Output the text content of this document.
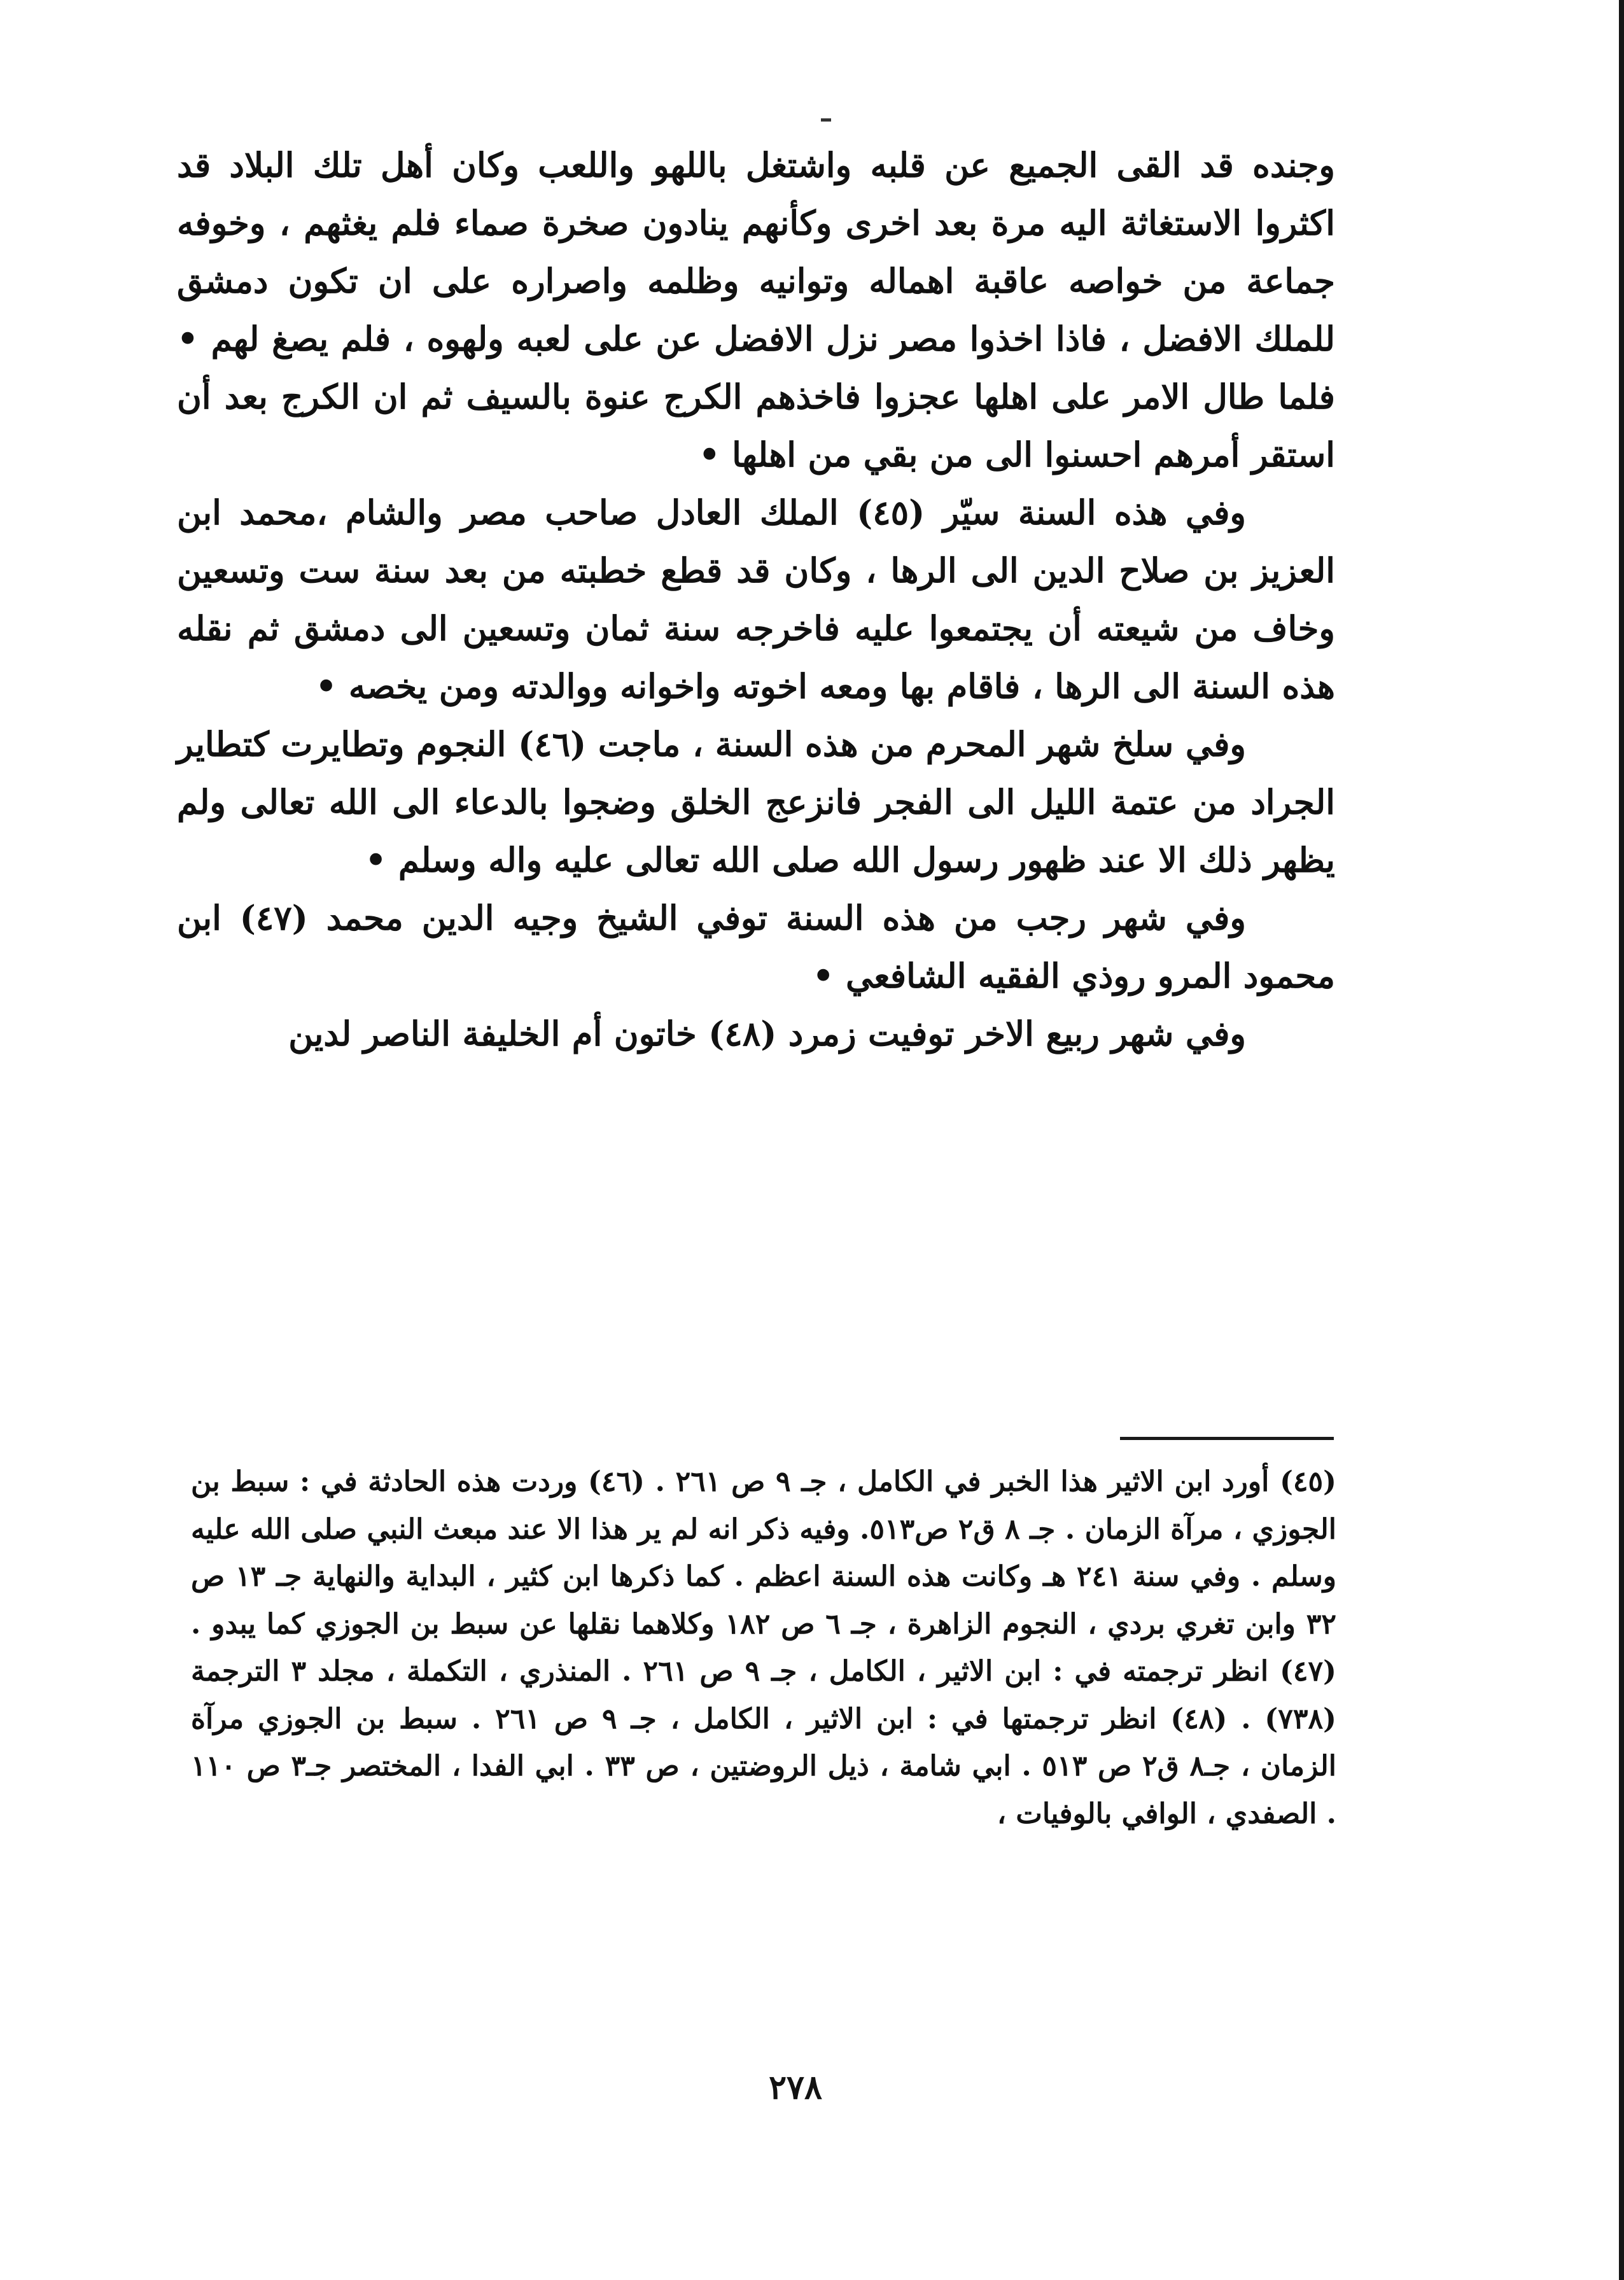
وجنده قد القى الجميع عن قلبه واشتغل باللهو واللعب وكان أهل تلك البلاد قد اكثروا الاستغاثة اليه مرة بعد اخرى وكأنهم ينادون صخرة صماء فلم يغثهم ، وخوفه جماعة من خواصه عاقبة اهماله وتوانيه وظلمه واصراره على ان تكون دمشق للملك الافضل ، فاذا اخذوا مصر نزل الافضل عن على لعبه ولهوه ، فلم يصغ لهم • فلما طال الامر على اهلها عجزوا فاخذهم الكرج عنوة بالسيف ثم ان الكرج بعد أن استقر أمرهم احسنوا الى من بقي من اهلها •

وفي هذه السنة سيّر (٤٥) الملك العادل صاحب مصر والشام ،محمد ابن العزيز بن صلاح الدين الى الرها ، وكان قد قطع خطبته من بعد سنة ست وتسعين وخاف من شيعته أن يجتمعوا عليه فاخرجه سنة ثمان وتسعين الى دمشق ثم نقله هذه السنة الى الرها ، فاقام بها ومعه اخوته واخوانه ووالدته ومن يخصه •

وفي سلخ شهر المحرم من هذه السنة ، ماجت (٤٦) النجوم وتطايرت كتطاير الجراد من عتمة الليل الى الفجر فانزعج الخلق وضجوا بالدعاء الى الله تعالى ولم يظهر ذلك الا عند ظهور رسول الله صلى الله تعالى عليه واله وسلم •

وفي شهر رجب من هذه السنة توفي الشيخ وجيه الدين محمد (٤٧) ابن محمود المرو روذي الفقيه الشافعي •

وفي شهر ربيع الاخر توفيت زمرد (٤٨) خاتون أم الخليفة الناصر لدين

(٤٥) أورد ابن الاثير هذا الخبر في الكامل ، جـ ٩ ص ٢٦١ . (٤٦) وردت هذه الحادثة في : سبط بن الجوزي ، مرآة الزمان . جـ ٨ ق٢ ص٥١٣. وفيه ذكر انه لم ير هذا الا عند مبعث النبي صلى الله عليه وسلم . وفي سنة ٢٤١ هـ وكانت هذه السنة اعظم . كما ذكرها ابن كثير ، البداية والنهاية جـ ١٣ ص ٣٢ وابن تغري بردي ، النجوم الزاهرة ، جـ ٦ ص ١٨٢ وكلاهما نقلها عن سبط بن الجوزي كما يبدو . (٤٧) انظر ترجمته في : ابن الاثير ، الكامل ، جـ ٩ ص ٢٦١ . المنذري ، التكملة ، مجلد ٣ الترجمة (٧٣٨) . (٤٨) انظر ترجمتها في : ابن الاثير ، الكامل ، جـ ٩ ص ٢٦١ . سبط بن الجوزي مرآة الزمان ، جـ٨ ق٢ ص ٥١٣ . ابي شامة ، ذيل الروضتين ، ص ٣٣ . ابي الفدا ، المختصر جـ٣ ص ١١٠ . الصفدي ، الوافي بالوفيات ،

٢٧٨
